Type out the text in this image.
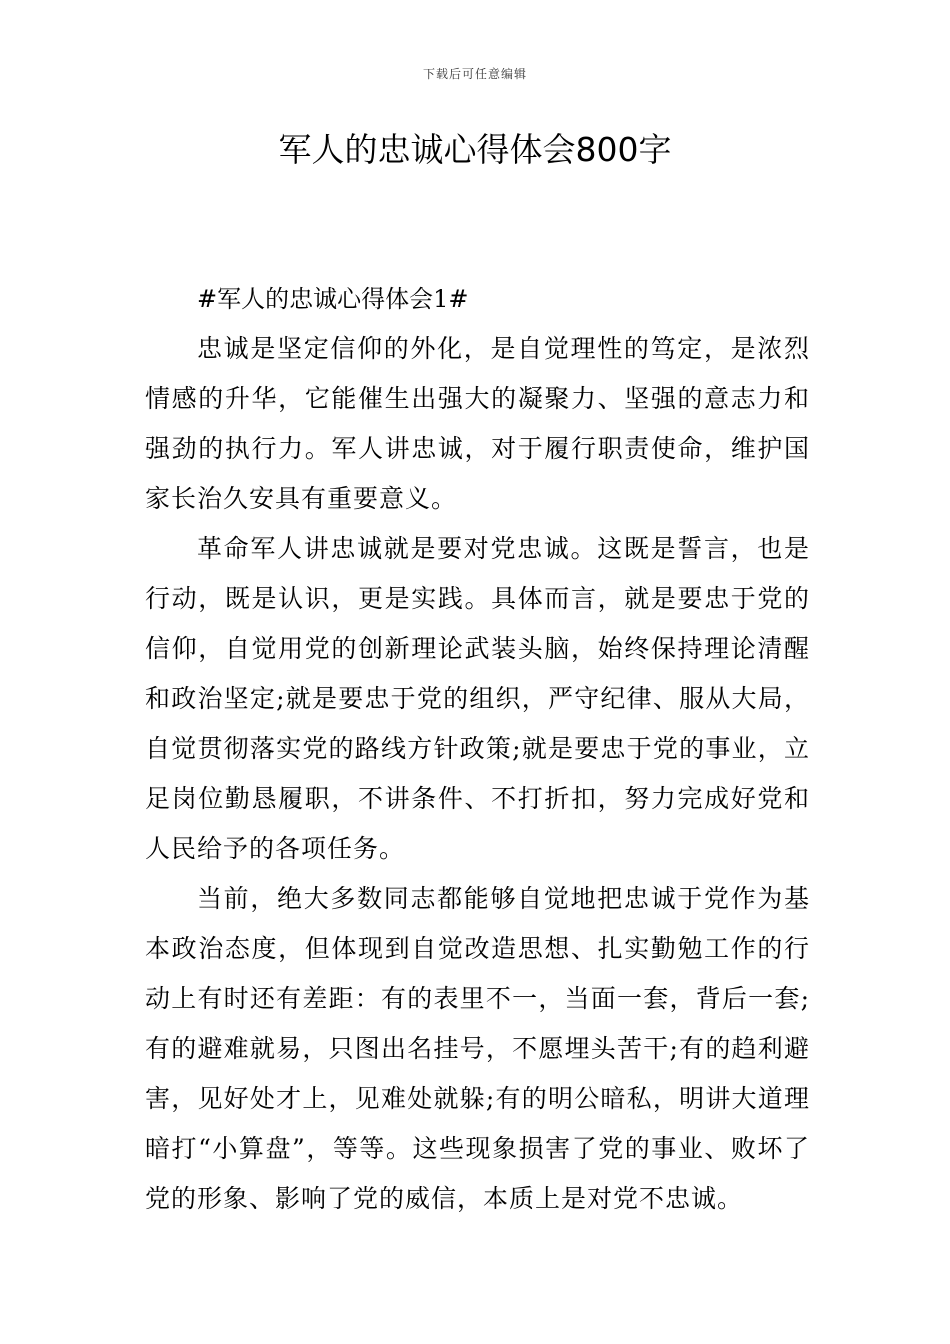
下载后可任意编辑
军人的忠诚心得体会800字

#军人的忠诚心得体会1#

忠诚是坚定信仰的外化，是自觉理性的笃定，是浓烈情感的升华，它能催生出强大的凝聚力、坚强的意志力和强劲的执行力。军人讲忠诚，对于履行职责使命，维护国家长治久安具有重要意义。

革命军人讲忠诚就是要对党忠诚。这既是誓言，也是行动，既是认识，更是实践。具体而言，就是要忠于党的信仰，自觉用党的创新理论武装头脑，始终保持理论清醒和政治坚定;就是要忠于党的组织，严守纪律、服从大局，自觉贯彻落实党的路线方针政策;就是要忠于党的事业，立足岗位勤恳履职，不讲条件、不打折扣，努力完成好党和人民给予的各项任务。

当前，绝大多数同志都能够自觉地把忠诚于党作为基本政治态度，但体现到自觉改造思想、扎实勤勉工作的行动上有时还有差距：有的表里不一，当面一套，背后一套;有的避难就易，只图出名挂号，不愿埋头苦干;有的趋利避害，见好处才上，见难处就躲;有的明公暗私，明讲大道理暗打“小算盘”，等等。这些现象损害了党的事业、败坏了党的形象、影响了党的威信，本质上是对党不忠诚。
